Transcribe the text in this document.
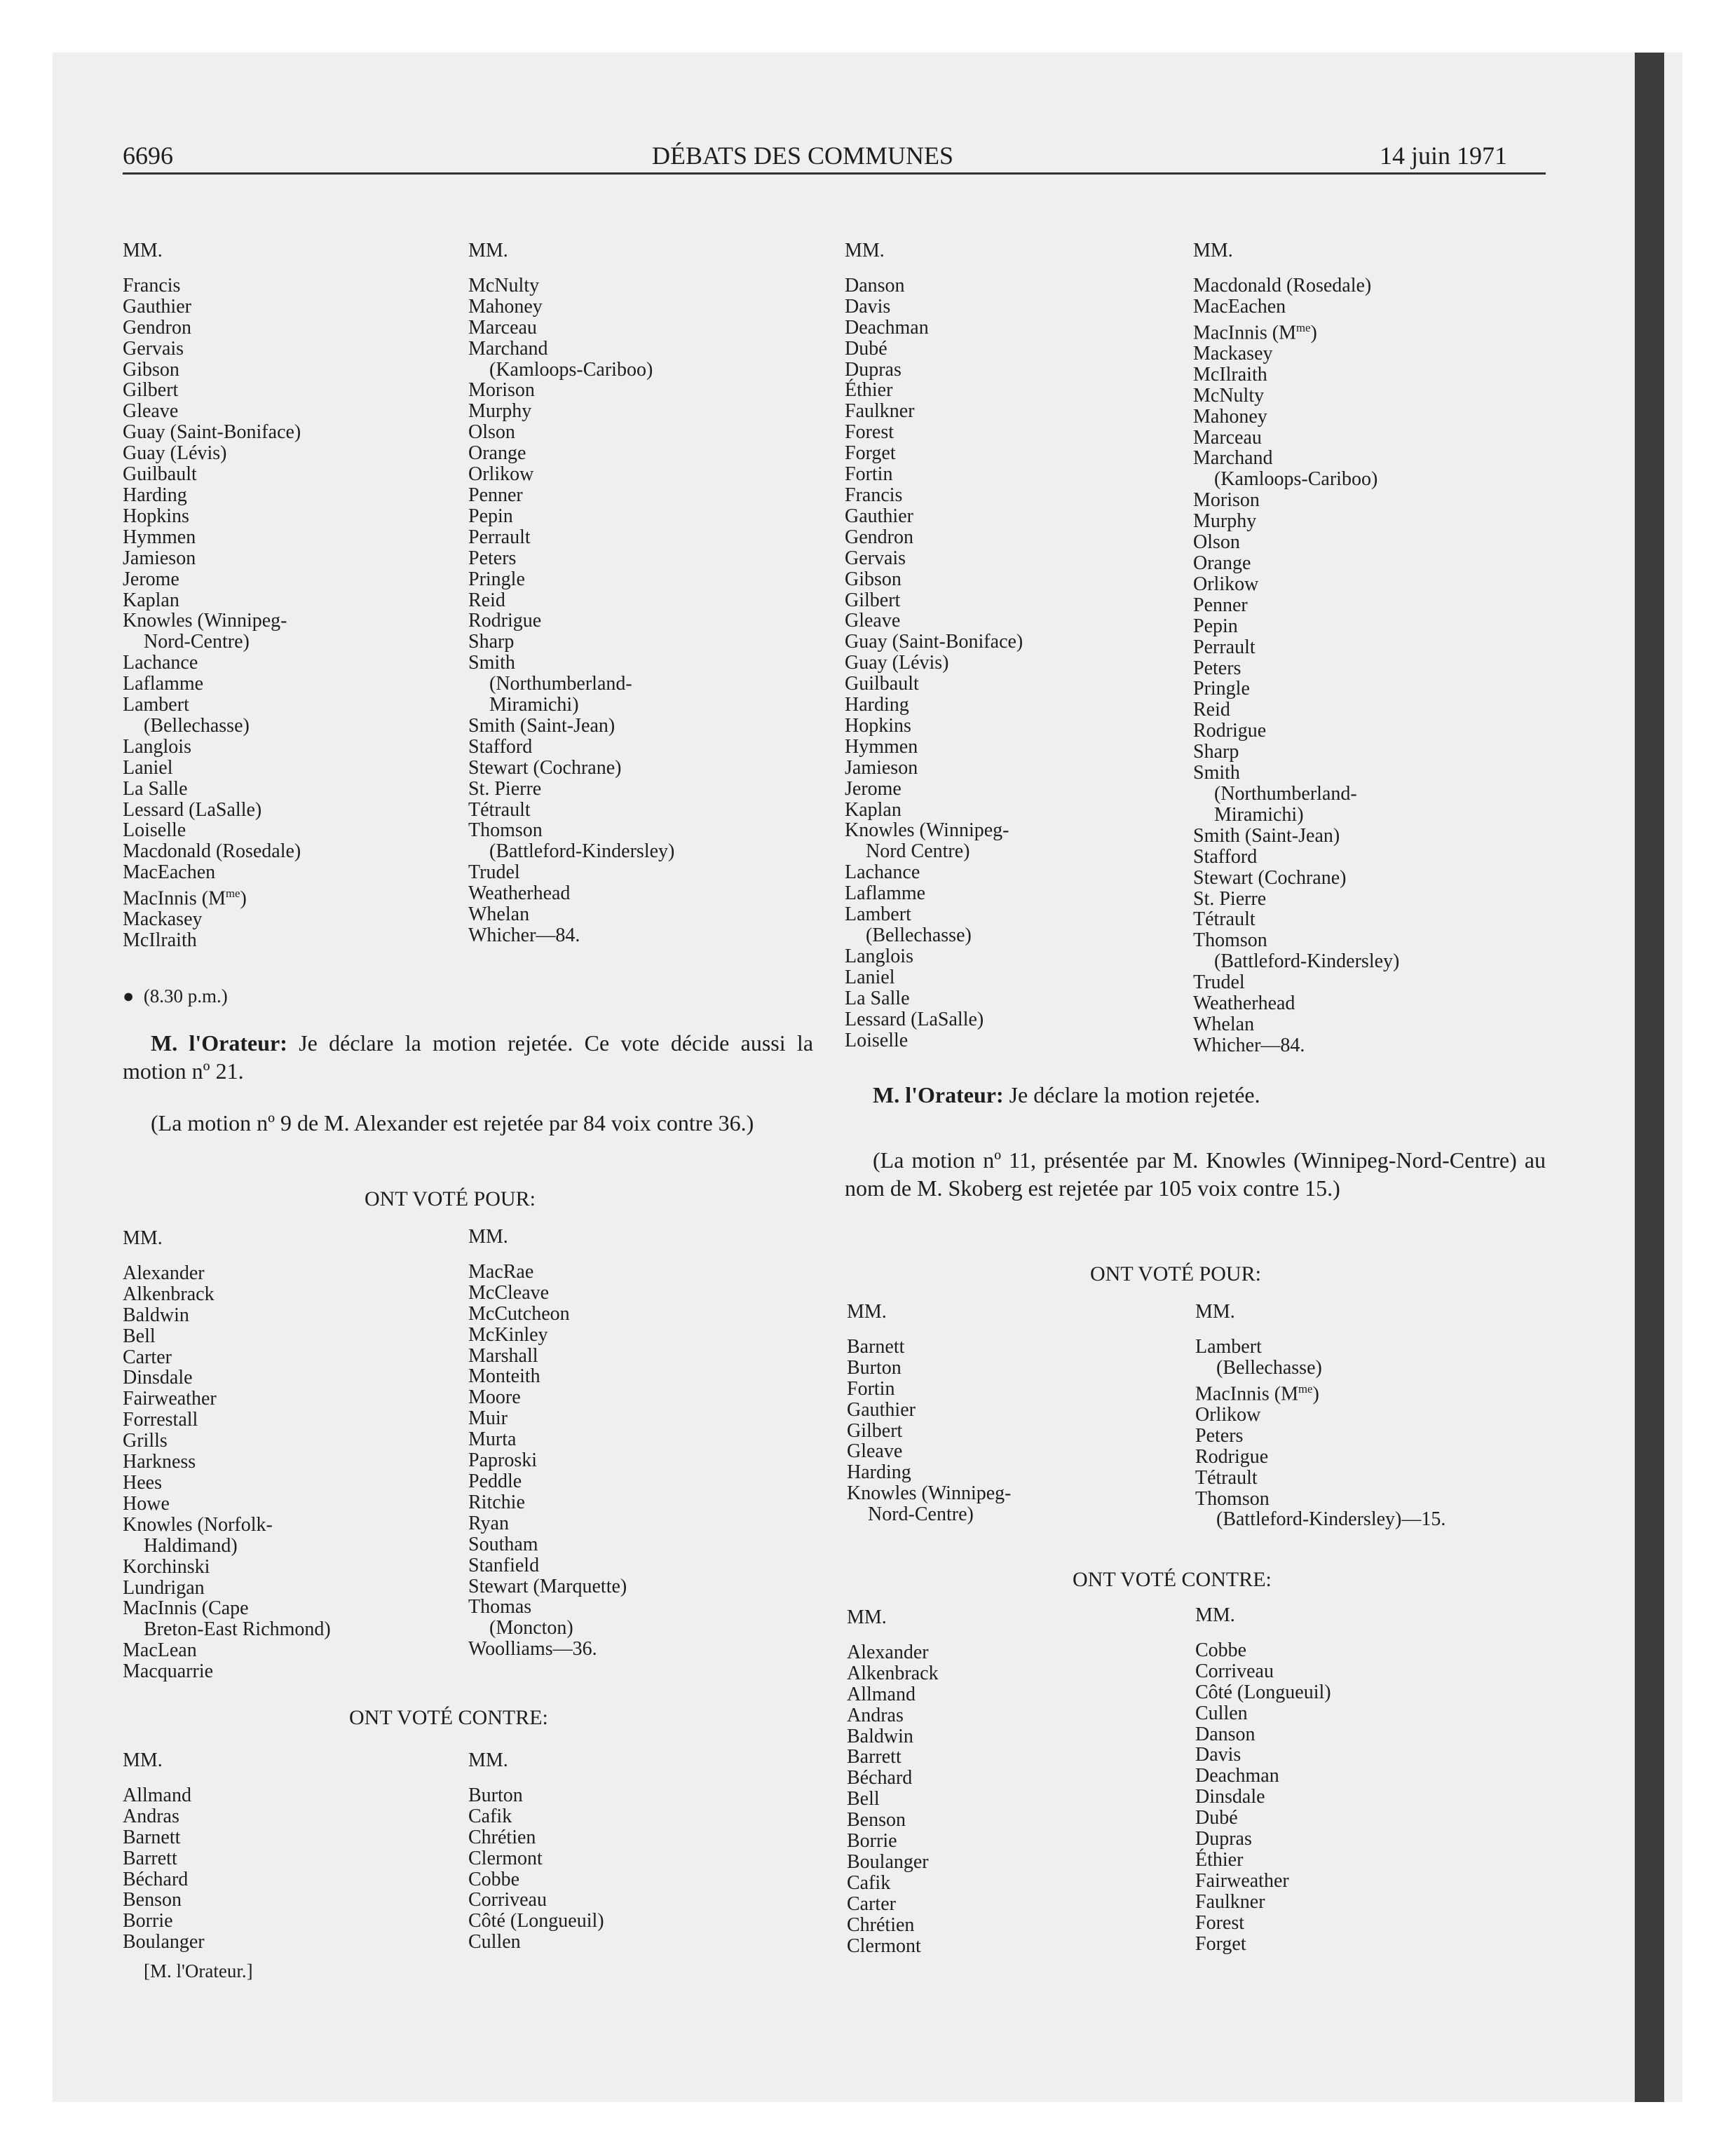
6696	DÉBATS DES COMMUNES	14 juin 1971
MM.
Francis
Gauthier
Gendron
Gervais
Gibson
Gilbert
Gleave
Guay (Saint-Boniface)
Guay (Lévis)
Guilbault
Harding
Hopkins
Hymmen
Jamieson
Jerome
Kaplan
Knowles (Winnipeg-
Nord-Centre)
Lachance
Laflamme
Lambert
(Bellechasse)
Langlois
Laniel
La Salle
Lessard (LaSalle)
Loiselle
Macdonald (Rosedale)
MacEachen
MacInnis $(M^{me})$
Mackasey
McIlraith
MM.
McNulty
Mahoney
Marceau
Marchand
(Kamloops-Cariboo)
Morison
Murphy
Olson
Orange
Orlikow
Penner
Pepin
Perrault
Peters
Pringle
Reid
Rodrigue
Sharp
Smith
(Northumberland-
Miramichi)
Smith (Saint-Jean)
Stafford
Stewart (Cochrane)
St. Pierre
Tétrault
Thomson
(Battleford-Kindersley)
Trudel
Weatherhead
Whelan
Whicher—84.
● (8.30 p.m.)
M. l'Orateur: Je déclare la motion rejetée. Ce vote décide aussi la motion nº 21.
(La motion nº 9 de M. Alexander est rejetée par 84 voix contre 36.)
ONT VOTÉ POUR:
MM.
Alexander
Alkenbrack
Baldwin
Bell
Carter
Dinsdale
Fairweather
Forrestall
Grills
Harkness
Hees
Howe
Knowles (Norfolk-
Haldimand)
Korchinski
Lundrigan
MacInnis (Cape
Breton-East Richmond)
MacLean
Macquarrie
MM.
MacRae
McCleave
McCutcheon
McKinley
Marshall
Monteith
Moore
Muir
Murta
Paproski
Peddle
Ritchie
Ryan
Southam
Stanfield
Stewart (Marquette)
Thomas
(Moncton)
Woolliams—36.
ONT VOTÉ CONTRE:
MM.
Allmand
Andras
Barnett
Barrett
Béchard
Benson
Borrie
Boulanger
MM.
Burton
Cafik
Chrétien
Clermont
Cobbe
Corriveau
Côté (Longueuil)
Cullen
[M. l'Orateur.]
MM.
Danson
Davis
Deachman
Dubé
Dupras
Éthier
Faulkner
Forest
Forget
Fortin
Francis
Gauthier
Gendron
Gervais
Gibson
Gilbert
Gleave
Guay (Saint-Boniface)
Guay (Lévis)
Guilbault
Harding
Hopkins
Hymmen
Jamieson
Jerome
Kaplan
Knowles (Winnipeg-
Nord Centre)
Lachance
Laflamme
Lambert
(Bellechasse)
Langlois
Laniel
La Salle
Lessard (LaSalle)
Loiselle
MM.
Macdonald (Rosedale)
MacEachen
MacInnis $(M^{me})$
Mackasey
McIlraith
McNulty
Mahoney
Marceau
Marchand
(Kamloops-Cariboo)
Morison
Murphy
Olson
Orange
Orlikow
Penner
Pepin
Perrault
Peters
Pringle
Reid
Rodrigue
Sharp
Smith
(Northumberland-
Miramichi)
Smith (Saint-Jean)
Stafford
Stewart (Cochrane)
St. Pierre
Tétrault
Thomson
(Battleford-Kindersley)
Trudel
Weatherhead
Whelan
Whicher—84.
M. l'Orateur: Je déclare la motion rejetée.
(La motion nº 11, présentée par M. Knowles (Winnipeg-Nord-Centre) au nom de M. Skoberg est rejetée par 105 voix contre 15.)
ONT VOTÉ POUR:
MM.
Barnett
Burton
Fortin
Gauthier
Gilbert
Gleave
Harding
Knowles (Winnipeg-
Nord-Centre)
MM.
Lambert
(Bellechasse)
MacInnis $(M^{me})$
Orlikow
Peters
Rodrigue
Tétrault
Thomson
(Battleford-Kindersley)—15.
ONT VOTÉ CONTRE:
MM.
Alexander
Alkenbrack
Allmand
Andras
Baldwin
Barrett
Béchard
Bell
Benson
Borrie
Boulanger
Cafik
Carter
Chrétien
Clermont
MM.
Cobbe
Corriveau
Côté (Longueuil)
Cullen
Danson
Davis
Deachman
Dinsdale
Dubé
Dupras
Éthier
Fairweather
Faulkner
Forest
Forget
